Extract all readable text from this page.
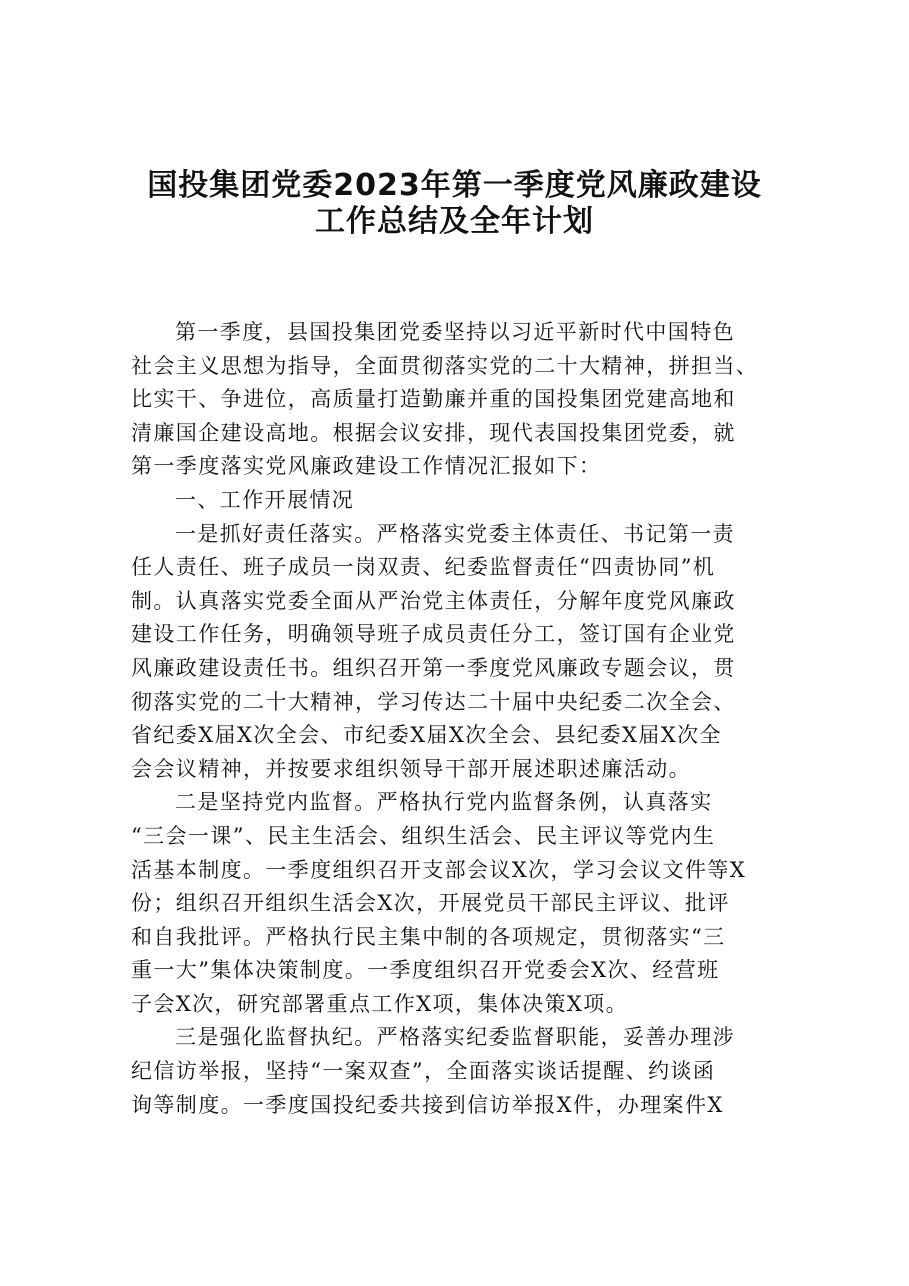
国投集团党委2023年第一季度党风廉政建设
工作总结及全年计划
第一季度，县国投集团党委坚持以习近平新时代中国特色
社会主义思想为指导，全面贯彻落实党的二十大精神，拼担当、
比实干、争进位，高质量打造勤廉并重的国投集团党建高地和
清廉国企建设高地。根据会议安排，现代表国投集团党委，就
第一季度落实党风廉政建设工作情况汇报如下：
一、工作开展情况
一是抓好责任落实。严格落实党委主体责任、书记第一责
任人责任、班子成员一岗双责、纪委监督责任“四责协同”机
制。认真落实党委全面从严治党主体责任，分解年度党风廉政
建设工作任务，明确领导班子成员责任分工，签订国有企业党
风廉政建设责任书。组织召开第一季度党风廉政专题会议，贯
彻落实党的二十大精神，学习传达二十届中央纪委二次全会、
省纪委X届X次全会、市纪委X届X次全会、县纪委X届X次全
会会议精神，并按要求组织领导干部开展述职述廉活动。
二是坚持党内监督。严格执行党内监督条例，认真落实
“三会一课”、民主生活会、组织生活会、民主评议等党内生
活基本制度。一季度组织召开支部会议X次，学习会议文件等X
份；组织召开组织生活会X次，开展党员干部民主评议、批评
和自我批评。严格执行民主集中制的各项规定，贯彻落实“三
重一大”集体决策制度。一季度组织召开党委会X次、经营班
子会X次，研究部署重点工作X项，集体决策X项。
三是强化监督执纪。严格落实纪委监督职能，妥善办理涉
纪信访举报，坚持“一案双查”，全面落实谈话提醒、约谈函
询等制度。一季度国投纪委共接到信访举报X件，办理案件X
